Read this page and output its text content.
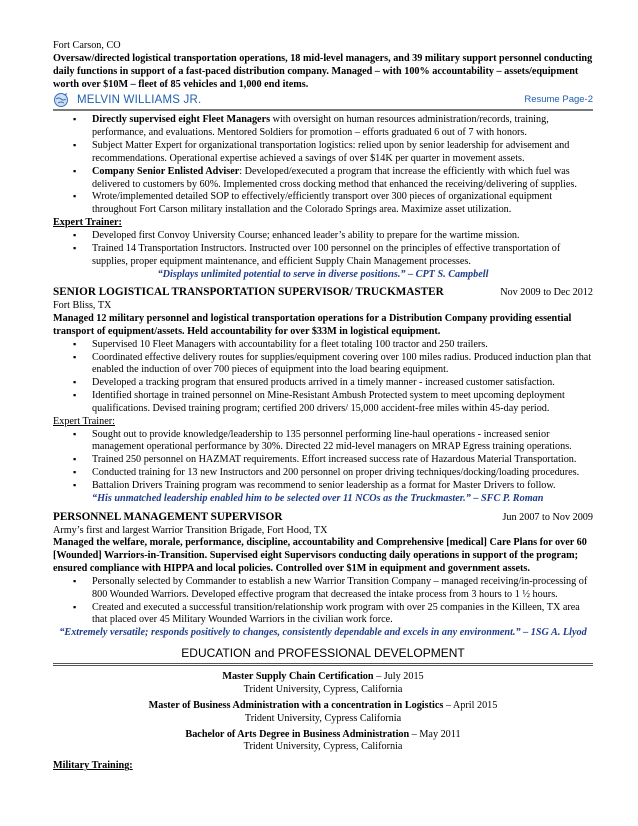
Fort Carson, CO
Oversaw/directed logistical transportation operations, 18 mid-level managers, and 39 military support personnel conducting daily functions in support of a fast-paced distribution company. Managed – with 100% accountability – assets/equipment worth over $10M – fleet of 85 vehicles and 1,000 end items.
MELVIN WILLIAMS JR.	Resume Page-2
▪ Directly supervised eight Fleet Managers with oversight on human resources administration/records, training, performance, and evaluations. Mentored Soldiers for promotion – efforts graduated 6 out of 7 with honors.
▪ Subject Matter Expert for organizational transportation logistics: relied upon by senior leadership for advisement and recommendations. Operational expertise achieved a savings of over $14K per quarter in movement assets.
▪ Company Senior Enlisted Adviser: Developed/executed a program that increase the efficiently with which fuel was delivered to customers by 60%. Implemented cross docking method that enhanced the receiving/delivering of supplies.
▪ Wrote/implemented detailed SOP to effectively/efficiently transport over 300 pieces of organizational equipment throughout Fort Carson military installation and the Colorado Springs area. Maximize asset utilization.
Expert Trainer:
▪ Developed first Convoy University Course; enhanced leader’s ability to prepare for the wartime mission.
▪ Trained 14 Transportation Instructors. Instructed over 100 personnel on the principles of effective transportation of supplies, proper equipment maintenance, and efficient Supply Chain Management processes.
“Displays unlimited potential to serve in diverse positions.” – CPT S. Campbell
SENIOR LOGISTICAL TRANSPORTATION SUPERVISOR/ TRUCKMASTER	Nov 2009 to Dec 2012
Fort Bliss, TX
Managed 12 military personnel and logistical transportation operations for a Distribution Company providing essential transport of equipment/assets. Held accountability for over $33M in logistical equipment.
▪ Supervised 10 Fleet Managers with accountability for a fleet totaling 100 tractor and 250 trailers.
▪ Coordinated effective delivery routes for supplies/equipment covering over 100 miles radius. Produced induction plan that enabled the induction of over 700 pieces of equipment into the load bearing equipment.
▪ Developed a tracking program that ensured products arrived in a timely manner - increased customer satisfaction.
▪ Identified shortage in trained personnel on Mine-Resistant Ambush Protected system to meet upcoming deployment qualifications. Devised training program; certified 200 drivers/ 15,000 accident-free miles within 45-day period.
Expert Trainer:
▪ Sought out to provide knowledge/leadership to 135 personnel performing line-haul operations - increased senior management operational performance by 30%. Directed 22 mid-level managers on MRAP Egress training operations.
▪ Trained 250 personnel on HAZMAT requirements. Effort increased success rate of Hazardous Material Transportation.
▪ Conducted training for 13 new Instructors and 200 personnel on proper driving techniques/docking/loading procedures.
▪ Battalion Drivers Training program was recommend to senior leadership as a format for Master Drivers to follow.
“His unmatched leadership enabled him to be selected over 11 NCOs as the Truckmaster.” – SFC P. Roman
PERSONNEL MANAGEMENT SUPERVISOR	Jun 2007 to Nov 2009
Army’s first and largest Warrior Transition Brigade, Fort Hood, TX
Managed the welfare, morale, performance, discipline, accountability and Comprehensive [medical] Care Plans for over 60 [Wounded] Warriors-in-Transition. Supervised eight Supervisors conducting daily operations in support of the program; ensured compliance with HIPPA and local policies. Controlled over $1M in equipment and government assets.
▪ Personally selected by Commander to establish a new Warrior Transition Company – managed receiving/in-processing of 800 Wounded Warriors. Developed effective program that decreased the intake process from 3 hours to 1 ½ hours.
▪ Created and executed a successful transition/relationship work program with over 25 companies in the Killeen, TX area that placed over 45 Military Wounded Warriors in the civilian work force.
“Extremely versatile; responds positively to changes, consistently dependable and excels in any environment.” – 1SG A. Llyod
EDUCATION and PROFESSIONAL DEVELOPMENT

Master Supply Chain Certification – July 2015

Trident University, Cypress, California

Master of Business Administration with a concentration in Logistics – April 2015

Trident University, Cypress California

Bachelor of Arts Degree in Business Administration – May 2011

Trident University, Cypress, California

Military Training:
